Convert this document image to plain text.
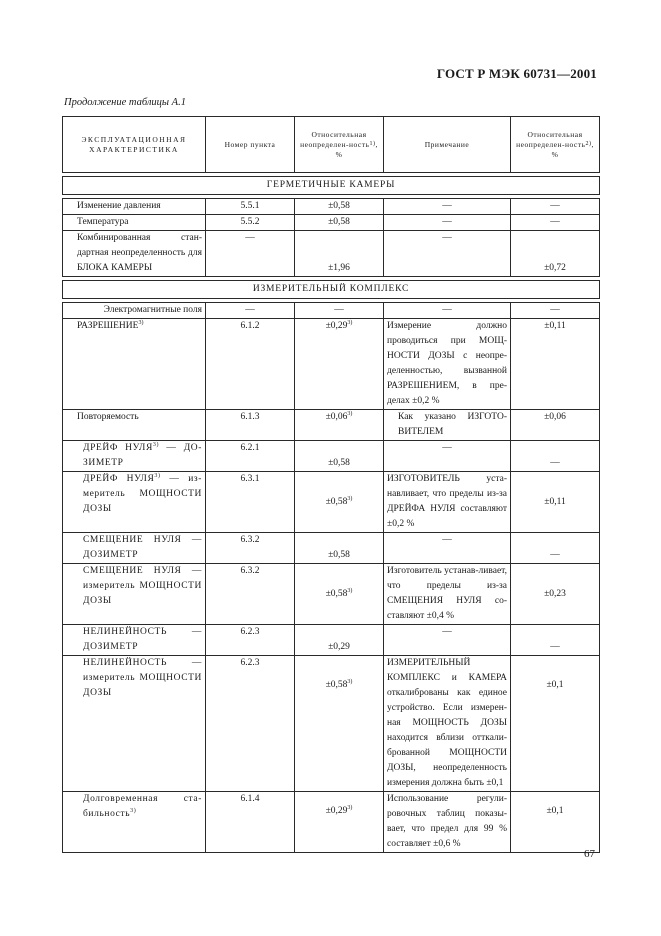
ГОСТ Р МЭК 60731—2001
Продолжение таблицы А.1
ЭКСПЛУАТАЦИОННАЯ ХАРАКТЕРИСТИКА	Номер пункта	Относительная неопределен-ность$^{1)}$, %	Примечание	Относительная неопределен-ность$^{2)}$, %

ГЕРМЕТИЧНЫЕ КАМЕРЫ				

Изменение давления	5.5.1	±0,58	—	—
Температура	5.5.2	±0,58	—	—
Комбинированная стан-дартная неопределенность для БЛОКА КАМЕРЫ	—	±1,96	—	±0,72

ИЗМЕРИТЕЛЬНЫЙ КОМПЛЕКС				

Электромагнитные поля	—	—	—	—
РАЗРЕШЕНИЕ$^{3)}$	6.1.2	$\pm 0,29^{3)}$	Измерение должно проводиться при МОЩ-НОСТИ ДОЗЫ с неопре-деленностью, вызванной РАЗРЕШЕНИЕМ, в пре-делах ±0,2 %	±0,11
Повторяемость	6.1.3	$\pm 0,06^{3)}$	Как указано ИЗГОТО-ВИТЕЛЕМ	±0,06
ДРЕЙФ НУЛЯ$^{3)}$ — ДО-ЗИМЕТР	6.2.1	±0,58	—	—
ДРЕЙФ НУЛЯ$^{3)}$ — из-меритель МОЩНОСТИ ДОЗЫ	6.3.1	$\pm 0,58^{3)}$	ИЗГОТОВИТЕЛЬ уста-навливает, что пределы из-за ДРЕЙФА НУЛЯ составляют ±0,2 %	±0,11
СМЕЩЕНИЕ НУЛЯ — ДОЗИМЕТР	6.3.2	±0,58	—	—
СМЕЩЕНИЕ НУЛЯ — измеритель МОЩНОСТИ ДОЗЫ	6.3.2	$\pm 0,58^{3)}$	Изготовитель устанав-ливает, что пределы из-за СМЕЩЕНИЯ НУЛЯ со-ставляют ±0,4 %	±0,23
НЕЛИНЕЙНОСТЬ — ДОЗИМЕТР	6.2.3	±0,29	—	—
НЕЛИНЕЙНОСТЬ — измеритель МОЩНОСТИ ДОЗЫ	6.2.3	$\pm 0,58^{3)}$	ИЗМЕРИТЕЛЬНЫЙ КОМПЛЕКС и КАМЕРА откалиброваны как единое устройство. Если измерен-ная МОЩНОСТЬ ДОЗЫ находится вблизи отткали-брованной МОЩНОСТИ ДОЗЫ, неопределенность измерения должна быть ±0,1	±0,1
Долговременная ста-бильность$^{3)}$	6.1.4	$\pm 0,29^{3)}$	Использование регули-ровочных таблиц показы-вает, что предел для 99 % составляет ±0,6 %	±0,1
67
